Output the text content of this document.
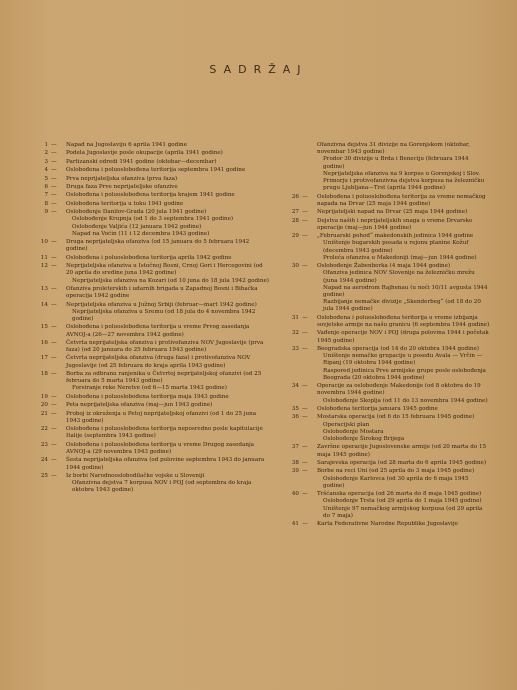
SADRŽAJ
1 — Napad na Jugoslaviju 6 aprila 1941 godine
2 — Podela Jugoslavije posle okupacije (aprila 1941 godine)
3 — Partizanski odredi 1941 godine (oktobar—decembar)
4 — Oslobođena i poluoslobođena teritorija septembra 1941 godine
5 — Prva neprijateljska ofanziva (prva faza)
6 — Druga faza Prve neprijateljske ofanzive
7 — Oslobođena i poluoslobođena teritorija krajem 1941 godine
8 — Oslobođena teritorija u toku 1941 godine
9 — Oslobođenje Danilov-Grada (20 jula 1941 godine)
Oslobođenje Krupnja (od 1 do 3 septembra 1941 godine)
Oslobođenje Valjića (12 januara 1942 godine)
Napad na Voćin (11 i 12 decembra 1943 godine)
10 — Druga neprijateljska ofanziva (od 15 januara do 5 februara 1942 godine)
11 — Oslobođena i poluoslobođena teritorija aprila 1942 godine
12 — Neprijateljska ofanziva u Istočnoj Bosni, Crnoj Gori i Hercegovini (od 20 aprila do sredine juna 1942 godine)
Neprijateljska ofanziva na Kozari (od 10 juna do 18 jula 1942 godine)
13 — Ofanziva proleterskih i udarnih brigada u Zapadnoj Bosni i Bihaćka operacija 1942 godine
14 — Neprijateljska ofanziva u Južnoj Srbiji (februar—mart 1942 godine)
Neprijateljska ofanziva u Sremu (od 18 jula do 4 novembra 1942 godine)
15 — Oslobođena i poluoslobođena teritorija u vreme Prvog zasedanja AVNOJ-a (26—27 novembra 1942 godine)
16 — Četvrta neprijateljska ofanziva i protivofanziva NOV Jugoslavije (prva faza) (od 20 januara do 25 februara 1943 godine)
17 — Četvrta neprijateljska ofanziva (druga faza) i protivofanziva NOV Jugoslavije (od 25 februara do kraja aprila 1943 godine)
18 — Borba za odbranu ranjenika u Četvrtoj neprijateljskoj ofanzivi (od 25 februara do 5 marta 1943 godine)
Forsiranje reke Neretve (od 6—15 marta 1943 godine)
19 — Oslobođena i poluoslobođena teritorija maja 1943 godine
20 — Peta neprijateljska ofanziva (maj—jun 1943 godine)
21 — Proboj iz okruženja u Petoj neprijateljskoj ofanzivi (od 1 do 25 juna 1943 godine)
22 — Oslobođena i poluoslobođena teritorija neposredno posle kapitulacije Italije (septembra 1943 godine)
23 — Oslobođena i poluoslobođena teritorija u vreme Drugog zasedanja AVNOJ-a (29 novembra 1943 godine)
24 — Šesta neprijateljska ofanziva (od polovine septembra 1943 do januara 1944 godine)
25 — Iz borbi Narodnooslobodilačke vojske u Sloveniji
Ofanzivna dejstva 7 korpusa NOV i POJ (od septembra do kraja oktobra 1943 godine)
Ofanzivna dejstva 31 divizije na Gorenjskom (oktobar, novembar 1943 godine)
Prodor 30 divizije u Brda i Beneciju (februara 1944 godine)
Neprijateljska ofanziva na 9 korpus u Gorenjskoj i Slov. Primorju i protivofanzivna dejstva korpusa na železničku prugu Ljubljana—Trst (aprila 1944 godine)
26 — Oslobođena i poluoslobođena teritorija za vreme nemačkog napada na Drvar (25 maja 1944 godine)
27 — Neprijateljski napad na Drvar (25 maja 1944 godine)
28 — Dejstva naših i neprijateljskih snaga u vreme Drvarske operacije (maj—jun 1944 godine)
29 — „Februarski pohod“ makedonskih jedinica 1944 godine
Uništenje bugarskih posada u rejonu planine Kožuf (decembra 1943 godine)
Proleća ofanziva u Makedoniji (maj—jun 1944 godine)
30 — Oslobođenje Žabenberka (4 maja 1944 godine)
Ofanziva jedinica NOV Slovenije na železničku mrežu (juna 1944 godine)
Napad na aerodrom Rajhenau (u noći 10/11 avgusta 1944 godine)
Razbijanje nemačke divizije „Skenderbeg“ (od 18 do 20 jula 1944 godine)
31 — Oslobođena i poluoslobođena teritorija u vreme izbijanja sovjetske armije na našu granicu (6 septembra 1944 godine)
32 — Vađenje operacije NOV i POJ (druga polovina 1944 i početak 1945 godine)
33 — Beogradska operacija (od 14 do 20 oktobra 1944 godine)
Uništenje nemačke grupacije u posedu Avala — Vrčin — Ripanj (19 oktobra 1944 godine)
Raspored jedinica Prve armijske grupe posle oslobođenja Beograda (20 oktobra 1944 godine)
34 — Operacije za oslobođenje Makedonije (od 8 oktobra do 19 novembra 1944 godine)
Oslobođenje Skoplja (od 11 do 13 novembra 1944 godine)
35 — Oslobođena teritorija januara 1945 godine
36 — Mostarska operacija (od 6 do 15 februara 1945 godine)
Operacijski plan
Oslobođenje Mostara
Oslobođenje Širokog Brijega
37 — Završne operacije Jugoslovenske armije (od 20 marta do 15 maja 1945 godine)
38 — Sarajevska operacija (od 28 marta do 6 aprila 1945 godine)
39 — Borbe na reci Uni (od 25 aprila do 3 maja 1945 godine)
Oslobođenje Karlovca (od 30 aprila do 6 maja 1945 godine)
40 — Tršćanska operacija (od 26 marta do 8 maja 1945 godine)
Oslobođenje Trsta (od 29 aprila do 1 maja 1945 godine)
Uništenje 97 nemačkog armijskog korpusa (od 29 aprila do 7 maja)
41 — Karta Federativne Narodne Republike Jugoslavije
